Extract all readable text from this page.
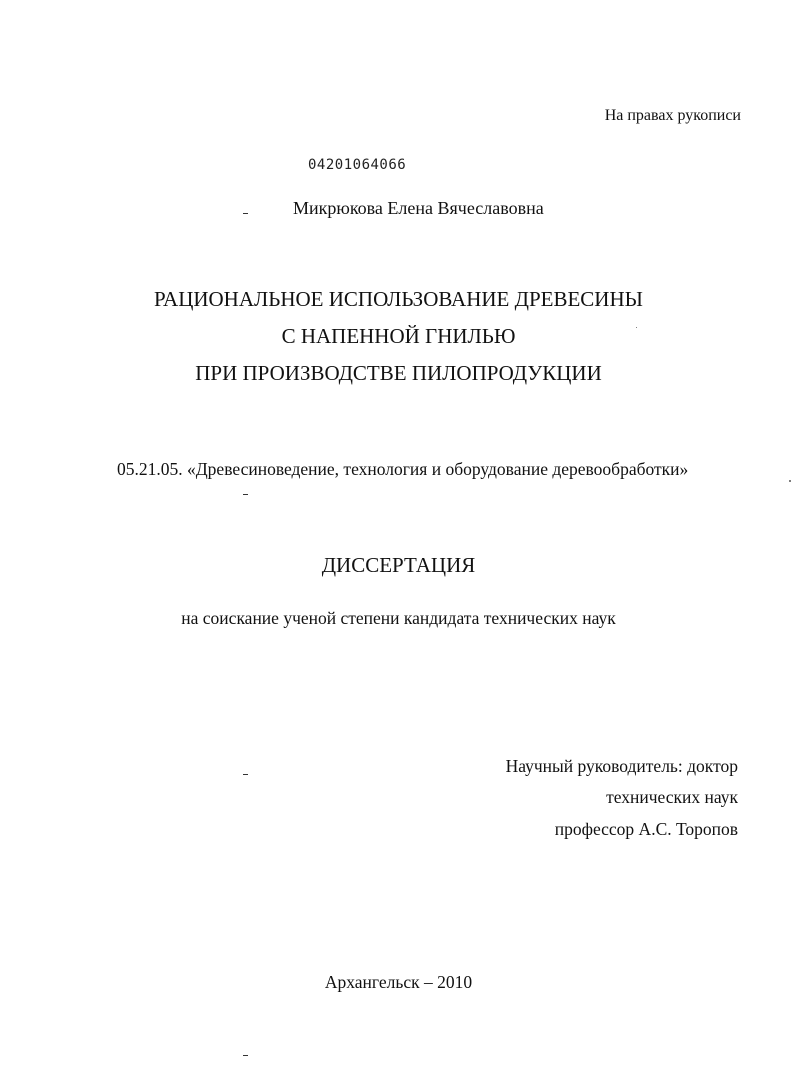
На правах рукописи
04201064066
Микрюкова Елена Вячеславовна
РАЦИОНАЛЬНОЕ ИСПОЛЬЗОВАНИЕ ДРЕВЕСИНЫ
С НАПЕННОЙ ГНИЛЬЮ
ПРИ ПРОИЗВОДСТВЕ ПИЛОПРОДУКЦИИ
05.21.05. «Древесиноведение, технология и оборудование деревообработки»
ДИССЕРТАЦИЯ
на соискание ученой степени кандидата технических наук
Научный руководитель: доктор
технических наук
профессор А.С. Торопов
Архангельск – 2010
